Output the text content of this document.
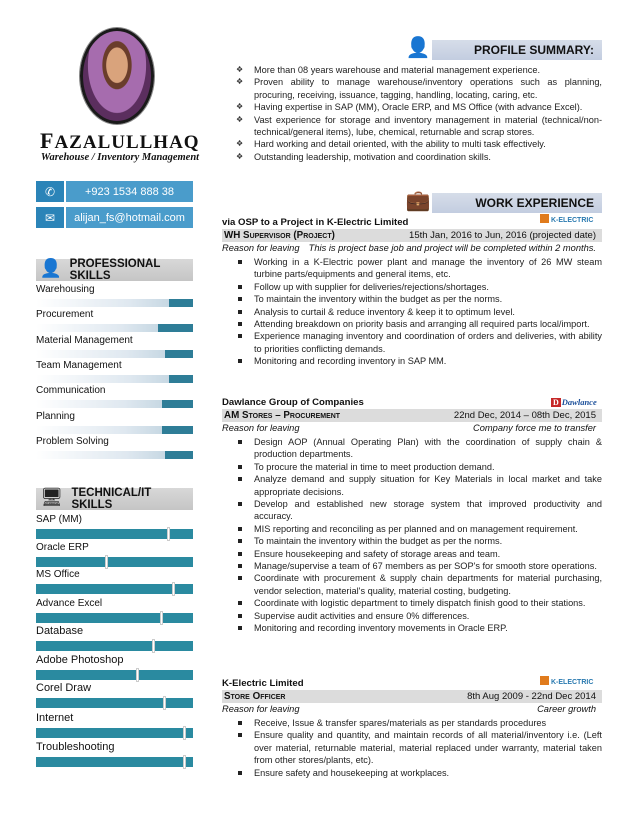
FAZALULLHAQ
Warehouse / Inventory Management
✆	+923 1534 888 38
✉	alijan_fs@hotmail.com
👤 PROFESSIONAL SKILLS
Warehousing
Procurement
Material Management
Team Management
Communication
Planning
Problem Solving
🖥 TECHNICAL/IT SKILLS
SAP (MM)
Oracle ERP
MS Office
Advance Excel
Database
Adobe Photoshop
Corel Draw
Internet
Troubleshooting
👤	PROFILE SUMMARY:
❖ More than 08 years warehouse and material management experience.
❖ Proven ability to manage warehouse/inventory operations such as planning, procuring, receiving, issuance, tagging, handling, locating, caring, etc.
❖ Having expertise in SAP (MM), Oracle ERP, and MS Office (with advance Excel).
❖ Vast experience for storage and inventory management in material (technical/non-technical/general items), lube, chemical, returnable and scrap stores.
❖ Hard working and detail oriented, with the ability to multi task effectively.
❖ Outstanding leadership, motivation and coordination skills.
💼	WORK EXPERIENCE
via OSP to a Project in K-Electric Limited	K-ELECTRIC
WH Supervisor (Project)	15th Jan, 2016 to Jun, 2016 (projected date)
Reason for leaving This is project base job and project will be completed within 2 months.
Working in a K-Electric power plant and manage the inventory of 26 MW steam turbine parts/equipments and general items, etc.
Follow up with supplier for deliveries/rejections/shortages.
To maintain the inventory within the budget as per the norms.
Analysis to curtail & reduce inventory & keep it to optimum level.
Attending breakdown on priority basis and arranging all required parts local/import.
Experience managing inventory and coordination of orders and deliveries, with ability to priorities conflicting demands.
Monitoring and recording inventory in SAP MM.
Dawlance Group of Companies	D Dawlance
AM Stores – Procurement	22nd Dec, 2014 – 08th Dec, 2015
Reason for leaving	Company force me to transfer
Design AOP (Annual Operating Plan) with the coordination of supply chain & production departments.
To procure the material in time to meet production demand.
Analyze demand and supply situation for Key Materials in local market and take appropriate decisions.
Develop and established new storage system that improved productivity and accuracy.
MIS reporting and reconciling as per planned and on management requirement.
To maintain the inventory within the budget as per the norms.
Ensure housekeeping and safety of storage areas and team.
Manage/supervise a team of 67 members as per SOP's for smooth store operations.
Coordinate with procurement & supply chain departments for material purchasing, vendor selection, material's quality, material costing, budgeting.
Coordinate with logistic department to timely dispatch finish good to their stations.
Supervise audit activities and ensure 0% differences.
Monitoring and recording inventory movements in Oracle ERP.
K-Electric Limited	K-ELECTRIC
Store Officer	8th Aug 2009 - 22nd Dec 2014
Reason for leaving	Career growth
Receive, Issue & transfer spares/materials as per standards procedures
Ensure quality and quantity, and maintain records of all material/inventory i.e. (Left over material, returnable material, material replaced under warranty, material taken from other stores/plants, etc).
Ensure safety and housekeeping at workplaces.
